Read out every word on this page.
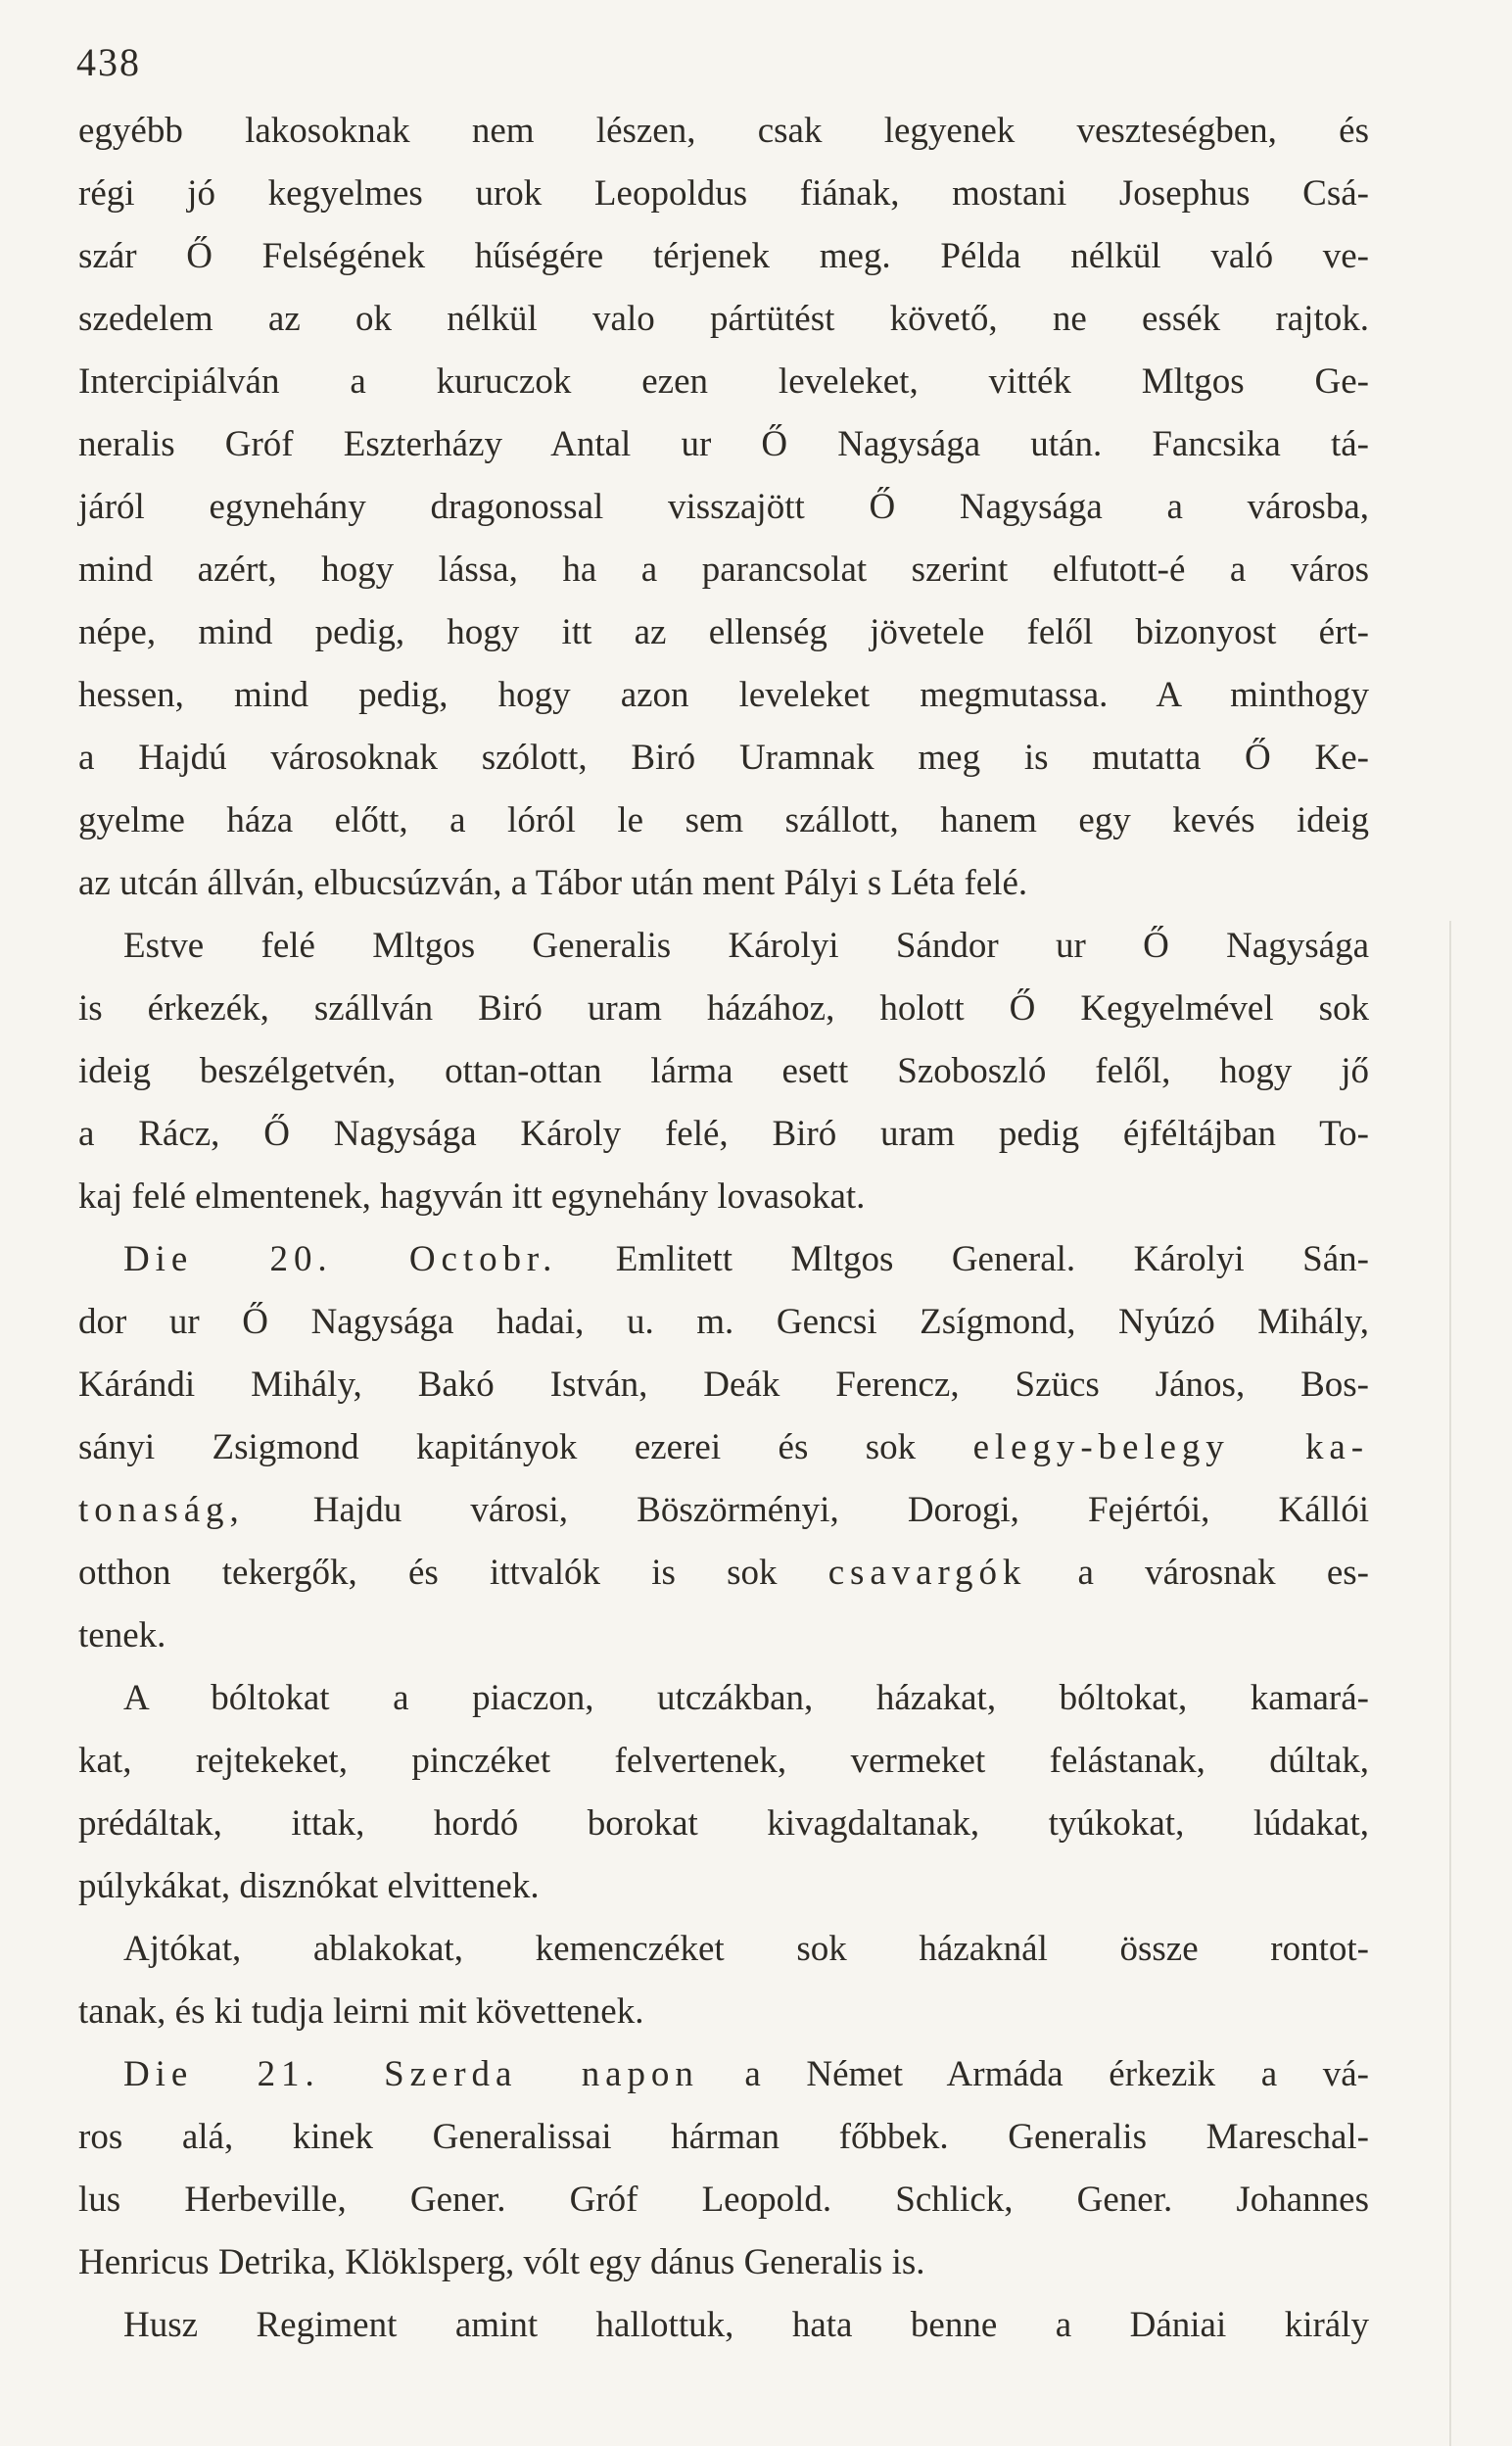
438
egyébb lakosoknak nem lészen, csak legyenek veszteségben, és
régi jó kegyelmes urok Leopoldus fiának, mostani Josephus Csá-
szár Ő Felségének hűségére térjenek meg. Példa nélkül való ve-
szedelem az ok nélkül valo pártütést követő, ne essék rajtok.
Intercipiálván a kuruczok ezen leveleket, vitték Mltgos Ge-
neralis Gróf Eszterházy Antal ur Ő Nagysága után. Fancsika tá-
járól egynehány dragonossal visszajött Ő Nagysága a városba,
mind azért, hogy lássa, ha a parancsolat szerint elfutott-é a város
népe, mind pedig, hogy itt az ellenség jövetele felől bizonyost ért-
hessen, mind pedig, hogy azon leveleket megmutassa. A minthogy
a Hajdú városoknak szólott, Biró Uramnak meg is mutatta Ő Ke-
gyelme háza előtt, a lóról le sem szállott, hanem egy kevés ideig
az utcán állván, elbucsúzván, a Tábor után ment Pályi s Léta felé.
Estve felé Mltgos Generalis Károlyi Sándor ur Ő Nagysága
is érkezék, szállván Biró uram házához, holott Ő Kegyelmével sok
ideig beszélgetvén, ottan-ottan lárma esett Szoboszló felől, hogy jő
a Rácz, Ő Nagysága Károly felé, Biró uram pedig éjféltájban To-
kaj felé elmentenek, hagyván itt egynehány lovasokat.
Die 20. Octobr. Emlitett Mltgos General. Károlyi Sán-
dor ur Ő Nagysága hadai, u. m. Gencsi Zsígmond, Nyúzó Mihály,
Kárándi Mihály, Bakó István, Deák Ferencz, Szücs János, Bos-
sányi Zsigmond kapitányok ezerei és sok elegy-belegy ka-
tonaság, Hajdu városi, Böszörményi, Dorogi, Fejértói, Kállói
otthon tekergők, és ittvalók is sok csavargók a városnak es-
tenek.
A bóltokat a piaczon, utczákban, házakat, bóltokat, kamará-
kat, rejtekeket, pinczéket felvertenek, vermeket felástanak, dúltak,
prédáltak, ittak, hordó borokat kivagdaltanak, tyúkokat, lúdakat,
púlykákat, disznókat elvittenek.
Ajtókat, ablakokat, kemenczéket sok házaknál össze rontot-
tanak, és ki tudja leirni mit követtenek.
Die 21. Szerda napon a Német Armáda érkezik a vá-
ros alá, kinek Generalissai hárman főbbek. Generalis Mareschal-
lus Herbeville, Gener. Gróf Leopold. Schlick, Gener. Johannes
Henricus Detrika, Klöklsperg, vólt egy dánus Generalis is.
Husz Regiment amint hallottuk, hata benne a Dániai király
